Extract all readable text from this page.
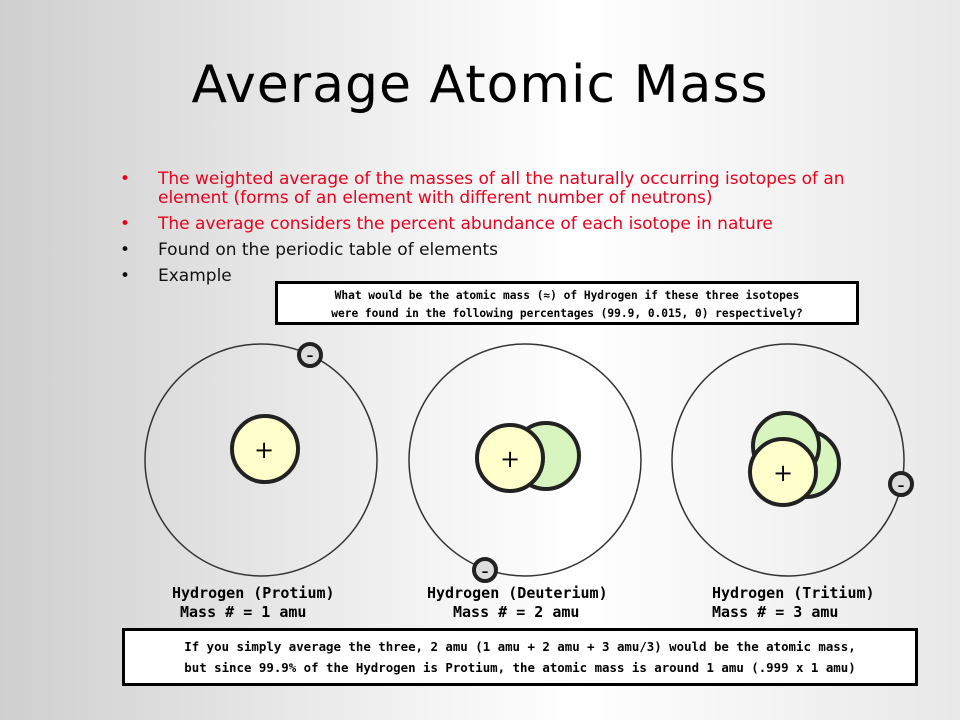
Average Atomic Mass
• The weighted average of the masses of all the naturally occurring isotopes of an element (forms of an element with different number of neutrons)
• The average considers the percent abundance of each isotope in nature
• Found on the periodic table of elements
• Example
What would be the atomic mass (≈) of Hydrogen if these three isotopes
were found in the following percentages (99.9, 0.015, 0) respectively?
+
-
+
-
+	-
Hydrogen (Protium)
Mass # = 1 amu
Hydrogen (Deuterium)
Mass # = 2 amu
Hydrogen (Tritium)
Mass # = 3 amu
If you simply average the three, 2 amu (1 amu + 2 amu + 3 amu/3) would be the atomic mass,
but since 99.9% of the Hydrogen is Protium, the atomic mass is around 1 amu (.999 x 1 amu)
